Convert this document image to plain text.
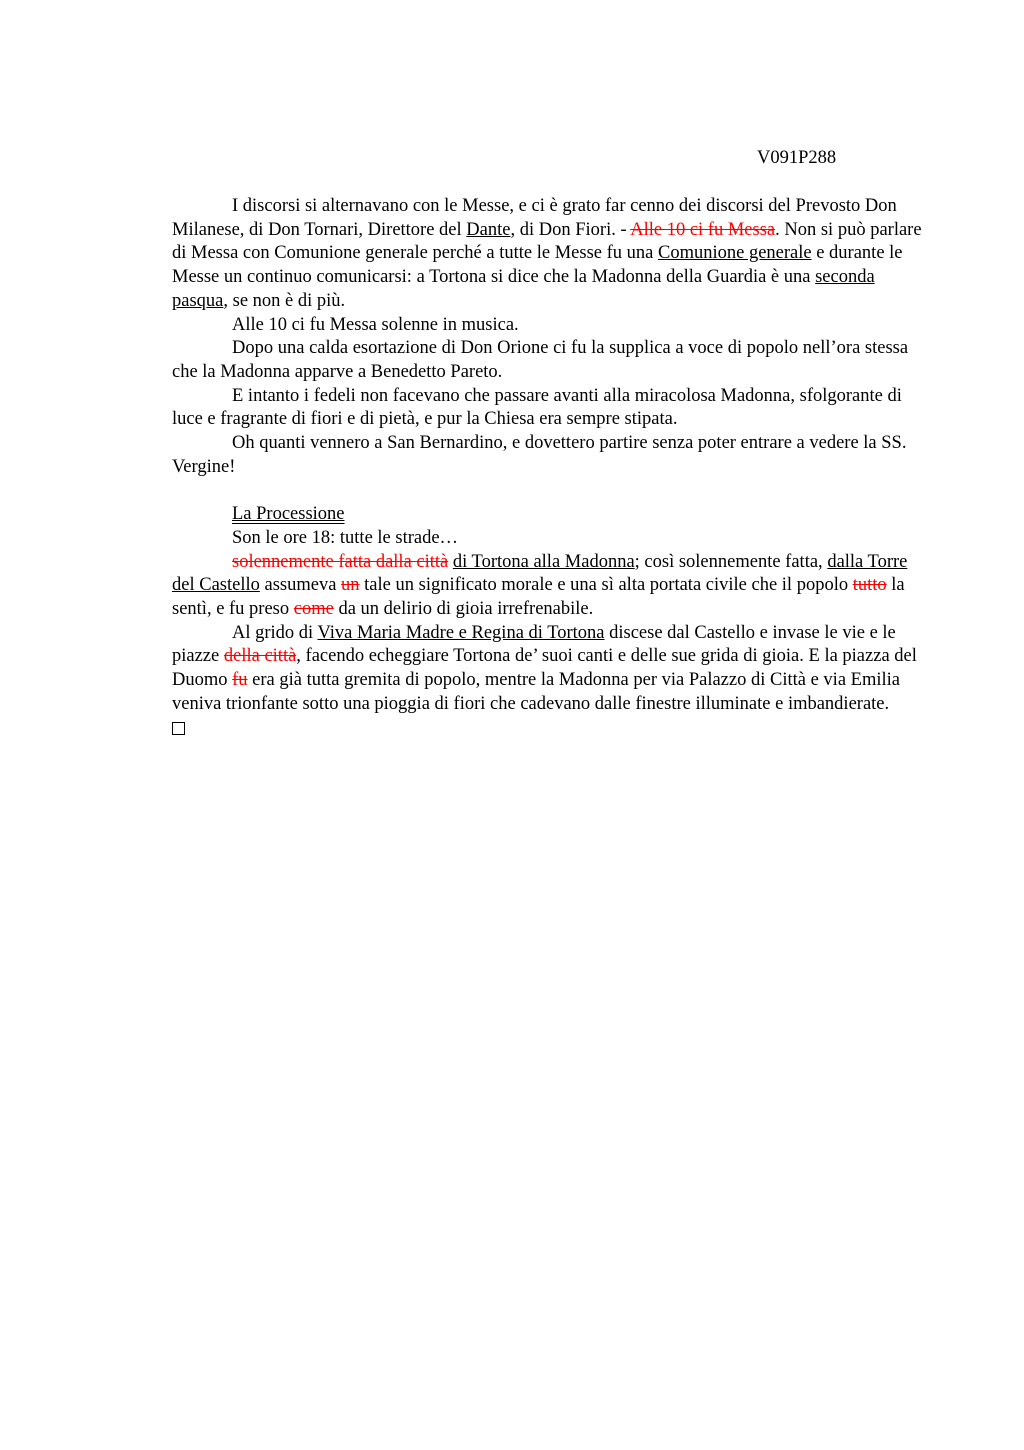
V091P288

I discorsi si alternavano con le Messe, e ci è grato far cenno dei discorsi del Prevosto Don Milanese, di Don Tornari, Direttore del Dante, di Don Fiori. - Alle 10 ci fu Messa. Non si può parlare di Messa con Comunione generale perché a tutte le Messe fu una Comunione generale e durante le Messe un continuo comunicarsi: a Tortona si dice che la Madonna della Guardia è una seconda pasqua, se non è di più.

Alle 10 ci fu Messa solenne in musica.

Dopo una calda esortazione di Don Orione ci fu la supplica a voce di popolo nell’ora stessa che la Madonna apparve a Benedetto Pareto.

E intanto i fedeli non facevano che passare avanti alla miracolosa Madonna, sfolgorante di luce e fragrante di fiori e di pietà, e pur la Chiesa era sempre stipata.

Oh quanti vennero a San Bernardino, e dovettero partire senza poter entrare a vedere la SS. Vergine!

La Processione

Son le ore 18: tutte le strade…

solennemente fatta dalla città di Tortona alla Madonna; così solennemente fatta, dalla Torre del Castello assumeva un tale un significato morale e una sì alta portata civile che il popolo tutto la sentì, e fu preso come da un delirio di gioia irrefrenabile.

Al grido di Viva Maria Madre e Regina di Tortona discese dal Castello e invase le vie e le piazze della città, facendo echeggiare Tortona de’ suoi canti e delle sue grida di gioia. E la piazza del Duomo fu era già tutta gremita di popolo, mentre la Madonna per via Palazzo di Città e via Emilia veniva trionfante sotto una pioggia di fiori che cadevano dalle finestre illuminate e imbandierate.
